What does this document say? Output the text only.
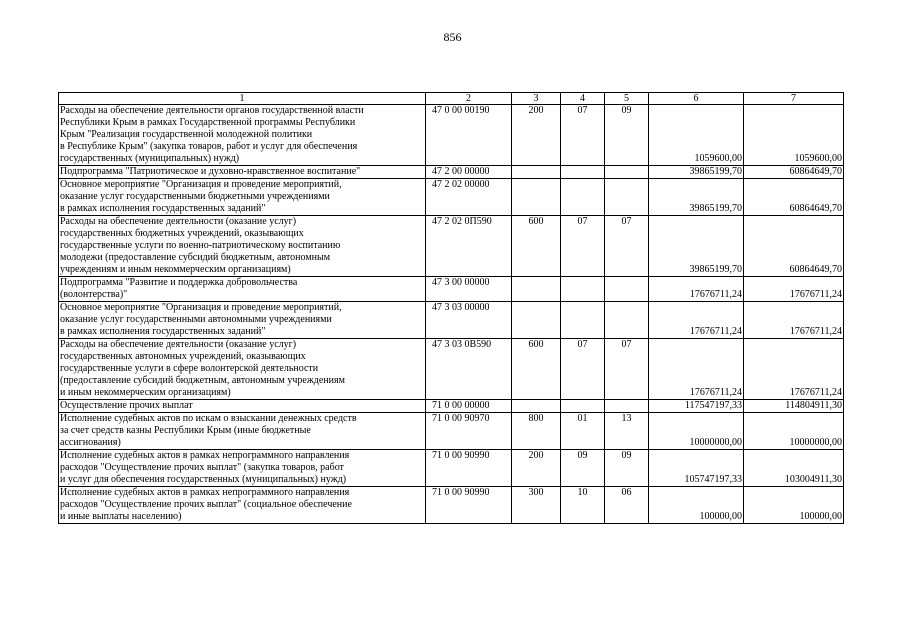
856
1	2	3	4	5	6	7

Расходы на обеспечение деятельности органов государственной власти
Республики Крым в рамках Государственной программы Республики
Крым "Реализация государственной молодежной политики
в Республике Крым" (закупка товаров, работ и услуг для обеспечения
государственных (муниципальных) нужд)	47 0 00 00190	200	07	09	1059600,00	1059600,00

Подпрограмма "Патриотическое и духовно-нравственное воспитание"	47 2 00 00000				39865199,70	60864649,70

Основное мероприятие "Организация и проведение мероприятий,
оказание услуг государственными бюджетными учреждениями
в рамках исполнения государственных заданий"	47 2 02 00000				39865199,70	60864649,70

Расходы на обеспечение деятельности (оказание услуг)
государственных бюджетных учреждений, оказывающих
государственные услуги по военно-патриотическому воспитанию
молодежи (предоставление субсидий бюджетным, автономным
учреждениям и иным некоммерческим организациям)	47 2 02 0П590	600	07	07	39865199,70	60864649,70

Подпрограмма "Развитие и поддержка добровольчества
(волонтерства)"	47 3 00 00000				17676711,24	17676711,24

Основное мероприятие "Организация и проведение мероприятий,
оказание услуг государственными автономными учреждениями
в рамках исполнения государственных заданий"	47 3 03 00000				17676711,24	17676711,24

Расходы на обеспечение деятельности (оказание услуг)
государственных автономных учреждений, оказывающих
государственные услуги в сфере волонтерской деятельности
(предоставление субсидий бюджетным, автономным учреждениям
и иным некоммерческим организациям)	47 3 03 0В590	600	07	07	17676711,24	17676711,24

Осуществление прочих выплат	71 0 00 00000				117547197,33	114804911,30

Исполнение судебных актов по искам о взыскании денежных средств
за счет средств казны Республики Крым (иные бюджетные
ассигнования)	71 0 00 90970	800	01	13	10000000,00	10000000,00

Исполнение судебных актов в рамках непрограммного направления
расходов "Осуществление прочих выплат" (закупка товаров, работ
и услуг для обеспечения государственных (муниципальных) нужд)	71 0 00 90990	200	09	09	105747197,33	103004911,30

Исполнение судебных актов в рамках непрограммного направления
расходов "Осуществление прочих выплат" (социальное обеспечение
и иные выплаты населению)	71 0 00 90990	300	10	06	100000,00	100000,00
